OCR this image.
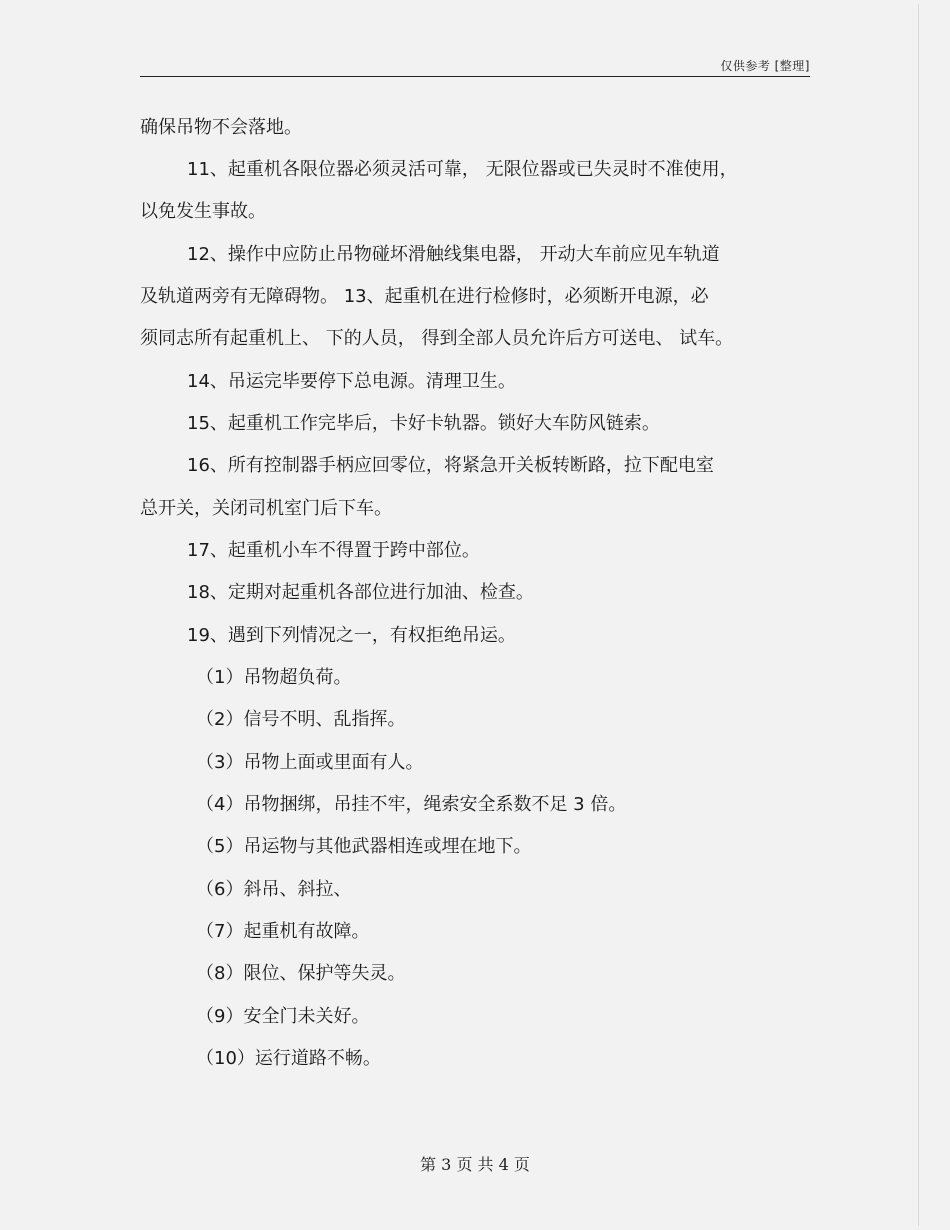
仅供参考 [整理]
确保吊物不会落地。
11、起重机各限位器必须灵活可靠， 无限位器或已失灵时不准使用，
以免发生事故。
12、操作中应防止吊物碰坏滑触线集电器， 开动大车前应见车轨道
及轨道两旁有无障碍物。 13、起重机在进行检修时，必须断开电源，必
须同志所有起重机上、 下的人员， 得到全部人员允许后方可送电、 试车。
14、吊运完毕要停下总电源。清理卫生。
15、起重机工作完毕后，卡好卡轨器。锁好大车防风链索。
16、所有控制器手柄应回零位，将紧急开关板转断路，拉下配电室
总开关，关闭司机室门后下车。
17、起重机小车不得置于跨中部位。
18、定期对起重机各部位进行加油、检查。
19、遇到下列情况之一，有权拒绝吊运。
（1）吊物超负荷。
（2）信号不明、乱指挥。
（3）吊物上面或里面有人。
（4）吊物捆绑，吊挂不牢，绳索安全系数不足 3 倍。
（5）吊运物与其他武器相连或埋在地下。
（6）斜吊、斜拉、
（7）起重机有故障。
（8）限位、保护等失灵。
（9）安全门未关好。
（10）运行道路不畅。
第 3 页 共 4 页
